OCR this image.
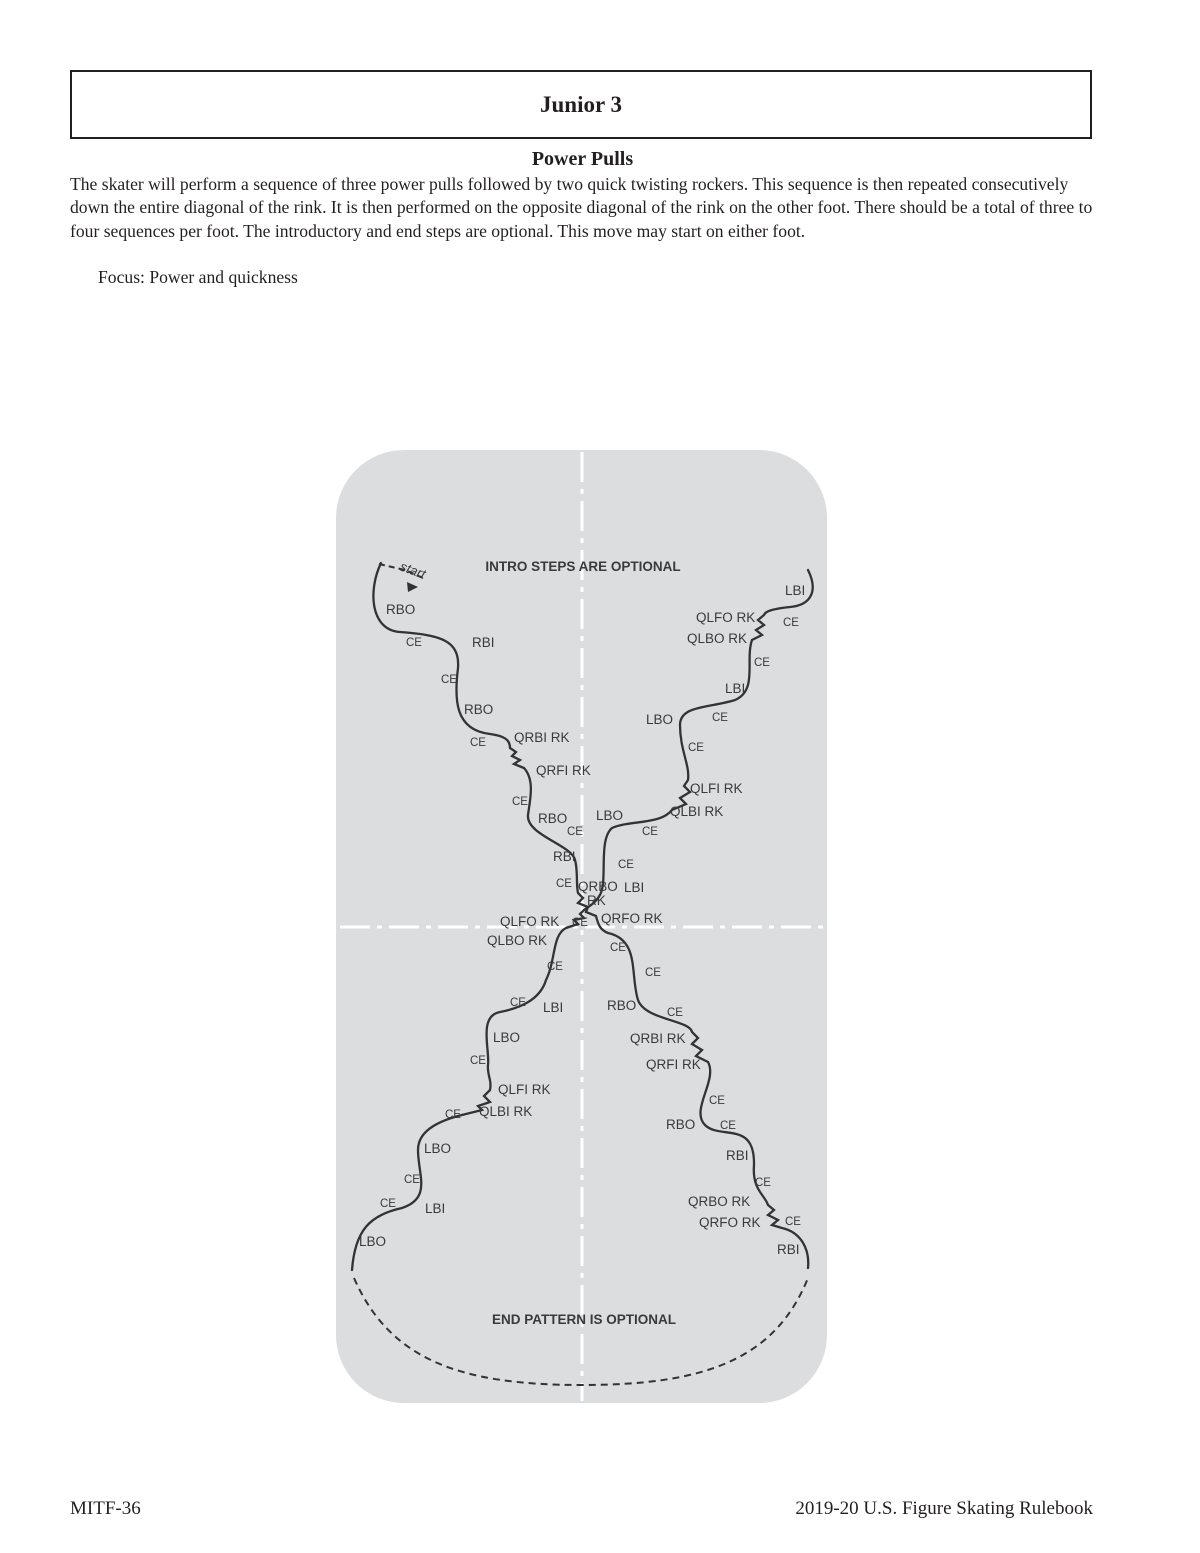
Junior 3
Power Pulls

The skater will perform a sequence of three power pulls followed by two quick twisting rockers. This sequence is then repeated consecutively down the entire diagonal of the rink. It is then performed on the opposite diagonal of the rink on the other foot. There should be a total of three to four sequences per foot. The introductory and end steps are optional. This move may start on either foot.

Focus: Power and quickness

INTRO STEPS ARE OPTIONAL
END PATTERN IS OPTIONAL
start
RBO
CE	RBI
CE
RBO
CE QRBI RK
QRFI RK
CE
RBO
CE
RBI
CE QRBO
RK
CE QRFO RK
CE
CE
RBO	CE
QRBI RK
QRFI RK
CE
RBO CE
RBI
CE
QRBO RK
QRFO RK CE
RBI
LBI
QLFO RK CE
QLBO RK
CE
LBI
LBO	CE
CE
QLFI RK
QLBI RK
LBO
CE
CE
LBI
QLFO RK
QLBO RK
CE
CE LBI
LBO
CE
QLFI RK
CE QLBI RK
LBO
CE
CE LBI
LBO
MITF-36	2019-20 U.S. Figure Skating Rulebook
